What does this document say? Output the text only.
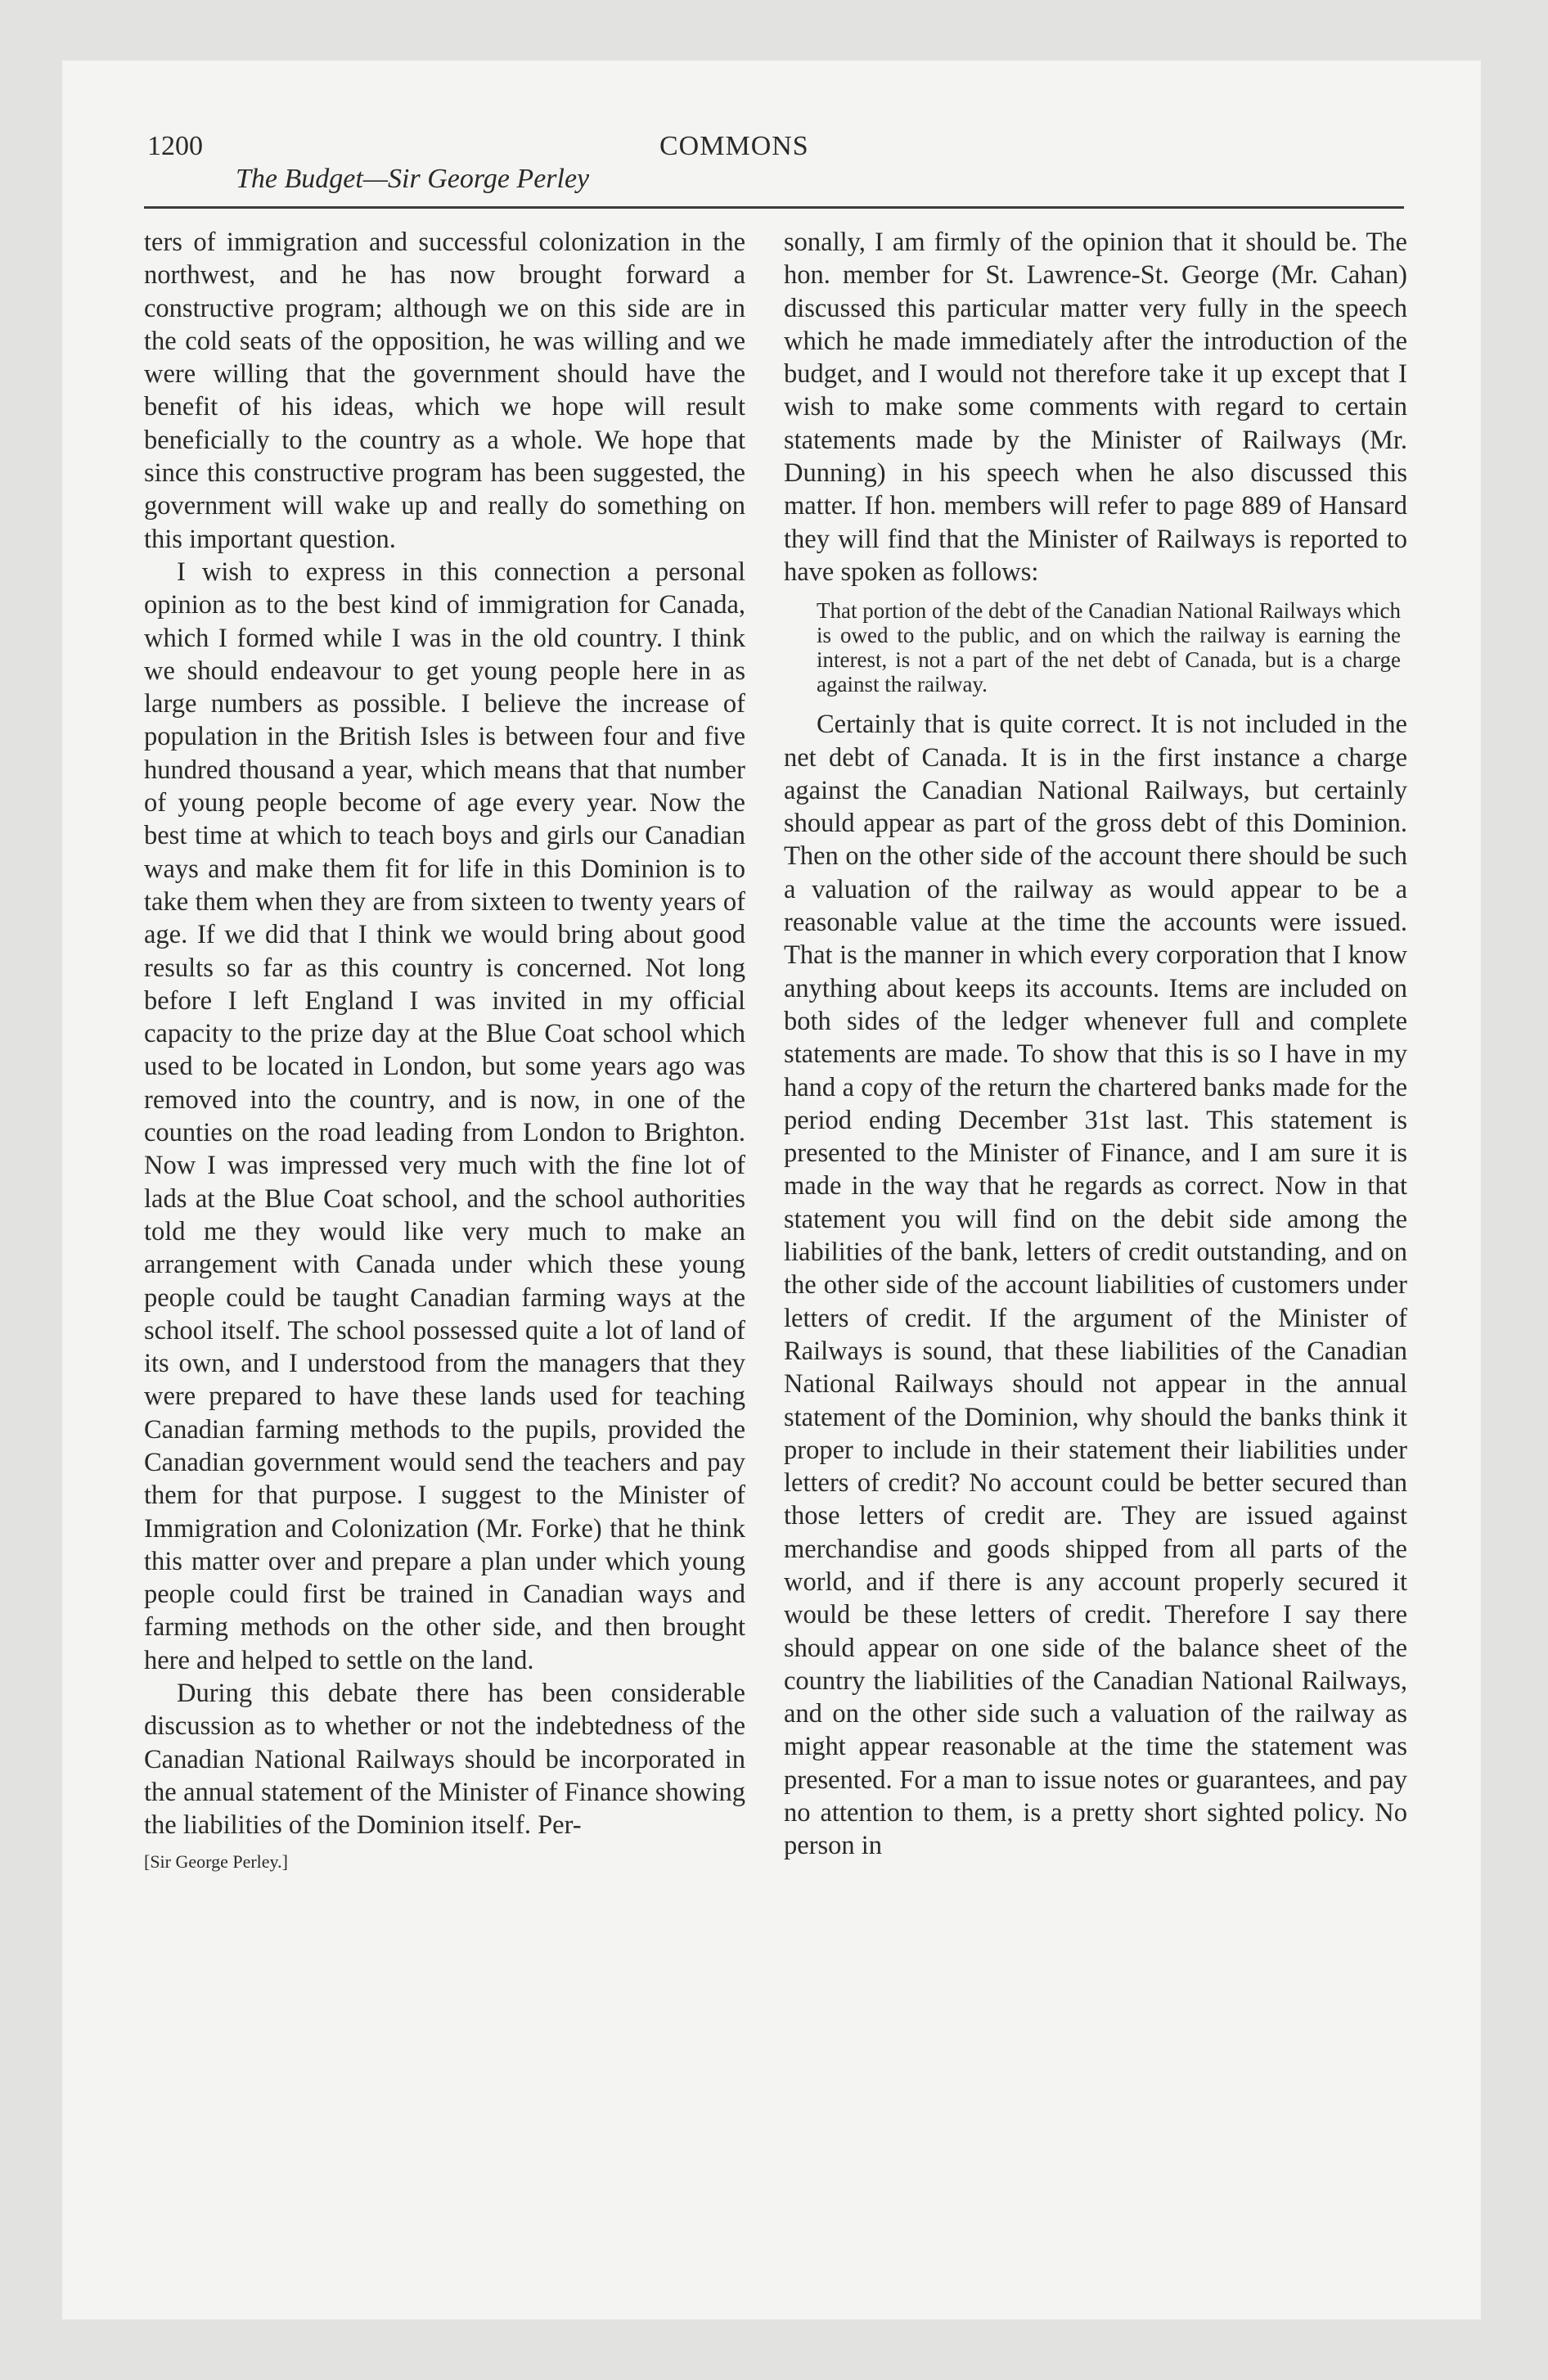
1200	COMMONS
The Budget—Sir George Perley

ters of immigration and successful colonization in the northwest, and he has now brought forward a constructive program; although we on this side are in the cold seats of the opposition, he was willing and we were willing that the government should have the benefit of his ideas, which we hope will result beneficially to the country as a whole. We hope that since this constructive program has been suggested, the government will wake up and really do something on this important question.

I wish to express in this connection a personal opinion as to the best kind of immigration for Canada, which I formed while I was in the old country. I think we should endeavour to get young people here in as large numbers as possible. I believe the increase of population in the British Isles is between four and five hundred thousand a year, which means that that number of young people become of age every year. Now the best time at which to teach boys and girls our Canadian ways and make them fit for life in this Dominion is to take them when they are from sixteen to twenty years of age. If we did that I think we would bring about good results so far as this country is concerned. Not long before I left England I was invited in my official capacity to the prize day at the Blue Coat school which used to be located in London, but some years ago was removed into the country, and is now, in one of the counties on the road leading from London to Brighton. Now I was impressed very much with the fine lot of lads at the Blue Coat school, and the school authorities told me they would like very much to make an arrangement with Canada under which these young people could be taught Canadian farming ways at the school itself. The school possessed quite a lot of land of its own, and I understood from the managers that they were prepared to have these lands used for teaching Canadian farming methods to the pupils, provided the Canadian government would send the teachers and pay them for that purpose. I suggest to the Minister of Immigration and Colonization (Mr. Forke) that he think this matter over and prepare a plan under which young people could first be trained in Canadian ways and farming methods on the other side, and then brought here and helped to settle on the land.

During this debate there has been considerable discussion as to whether or not the indebtedness of the Canadian National Railways should be incorporated in the annual statement of the Minister of Finance showing the liabilities of the Dominion itself. Per-

[Sir George Perley.]

sonally, I am firmly of the opinion that it should be. The hon. member for St. Lawrence-St. George (Mr. Cahan) discussed this particular matter very fully in the speech which he made immediately after the introduction of the budget, and I would not therefore take it up except that I wish to make some comments with regard to certain statements made by the Minister of Railways (Mr. Dunning) in his speech when he also discussed this matter. If hon. members will refer to page 889 of Hansard they will find that the Minister of Railways is reported to have spoken as follows:

That portion of the debt of the Canadian National Railways which is owed to the public, and on which the railway is earning the interest, is not a part of the net debt of Canada, but is a charge against the railway.

Certainly that is quite correct. It is not included in the net debt of Canada. It is in the first instance a charge against the Canadian National Railways, but certainly should appear as part of the gross debt of this Dominion. Then on the other side of the account there should be such a valuation of the railway as would appear to be a reasonable value at the time the accounts were issued. That is the manner in which every corporation that I know anything about keeps its accounts. Items are included on both sides of the ledger whenever full and complete statements are made. To show that this is so I have in my hand a copy of the return the chartered banks made for the period ending December 31st last. This statement is presented to the Minister of Finance, and I am sure it is made in the way that he regards as correct. Now in that statement you will find on the debit side among the liabilities of the bank, letters of credit outstanding, and on the other side of the account liabilities of customers under letters of credit. If the argument of the Minister of Railways is sound, that these liabilities of the Canadian National Railways should not appear in the annual statement of the Dominion, why should the banks think it proper to include in their statement their liabilities under letters of credit? No account could be better secured than those letters of credit are. They are issued against merchandise and goods shipped from all parts of the world, and if there is any account properly secured it would be these letters of credit. Therefore I say there should appear on one side of the balance sheet of the country the liabilities of the Canadian National Railways, and on the other side such a valuation of the railway as might appear reasonable at the time the statement was presented. For a man to issue notes or guarantees, and pay no attention to them, is a pretty short sighted policy. No person in
